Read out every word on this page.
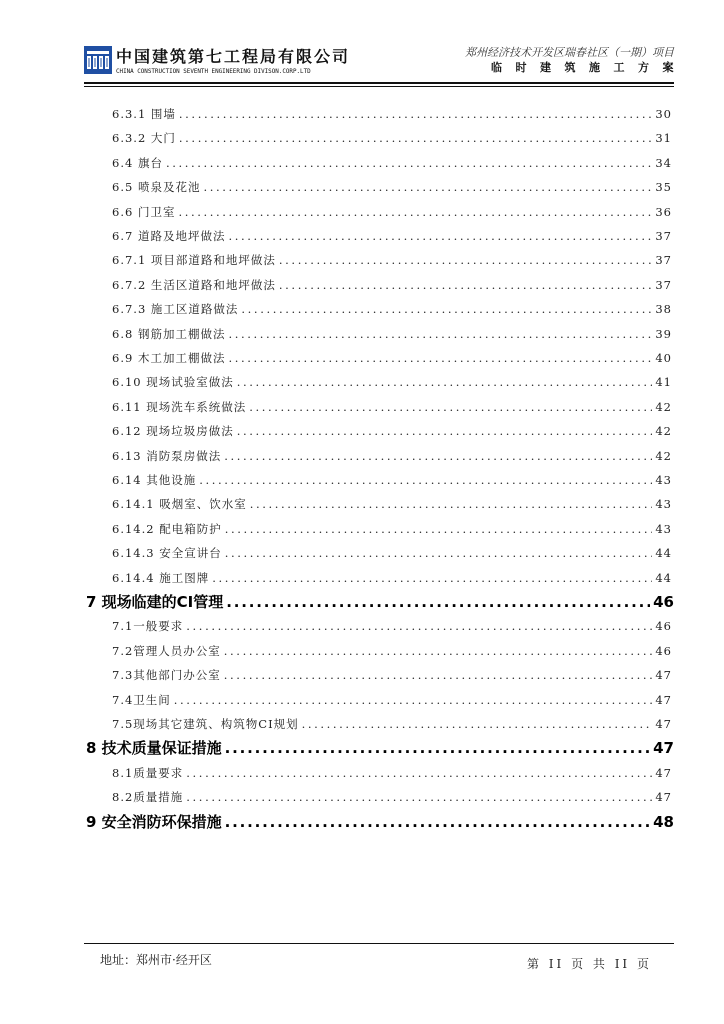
中国建筑第七工程局有限公司
CHINA CONSTRUCTION SEVENTH ENGINEERING DIVISON.CORP.LTD
郑州经济技术开发区瑞春社区（一期）项目
临时建筑施工方案
6.3.1 围墙 .....	30
6.3.2 大门 .....	31
6.4 旗台 .....	34
6.5 喷泉及花池 .....	35
6.6 门卫室 .....	36
6.7 道路及地坪做法 .....	37
6.7.1 项目部道路和地坪做法 .....	37
6.7.2 生活区道路和地坪做法 .....	37
6.7.3 施工区道路做法 .....	38
6.8 钢筋加工棚做法 .....	39
6.9 木工加工棚做法 .....	40
6.10 现场试验室做法 .....	41
6.11 现场洗车系统做法 .....	42
6.12 现场垃圾房做法 .....	42
6.13 消防泵房做法 .....	42
6.14 其他设施 .....	43
6.14.1 吸烟室、饮水室 .....	43
6.14.2 配电箱防护 .....	43
6.14.3 安全宣讲台 .....	44
6.14.4 施工图牌 .....	44
7 现场临建的CI管理 .....	46
7.1一般要求 .....	46
7.2管理人员办公室 .....	46
7.3其他部门办公室 .....	47
7.4卫生间 .....	47
7.5现场其它建筑、构筑物CI规划 .....	47
8 技术质量保证措施 .....	47
8.1质量要求 .....	47
8.2质量措施 .....	47
9 安全消防环保措施 .....	48
地址：郑州市·经开区	第 II 页 共 II 页
